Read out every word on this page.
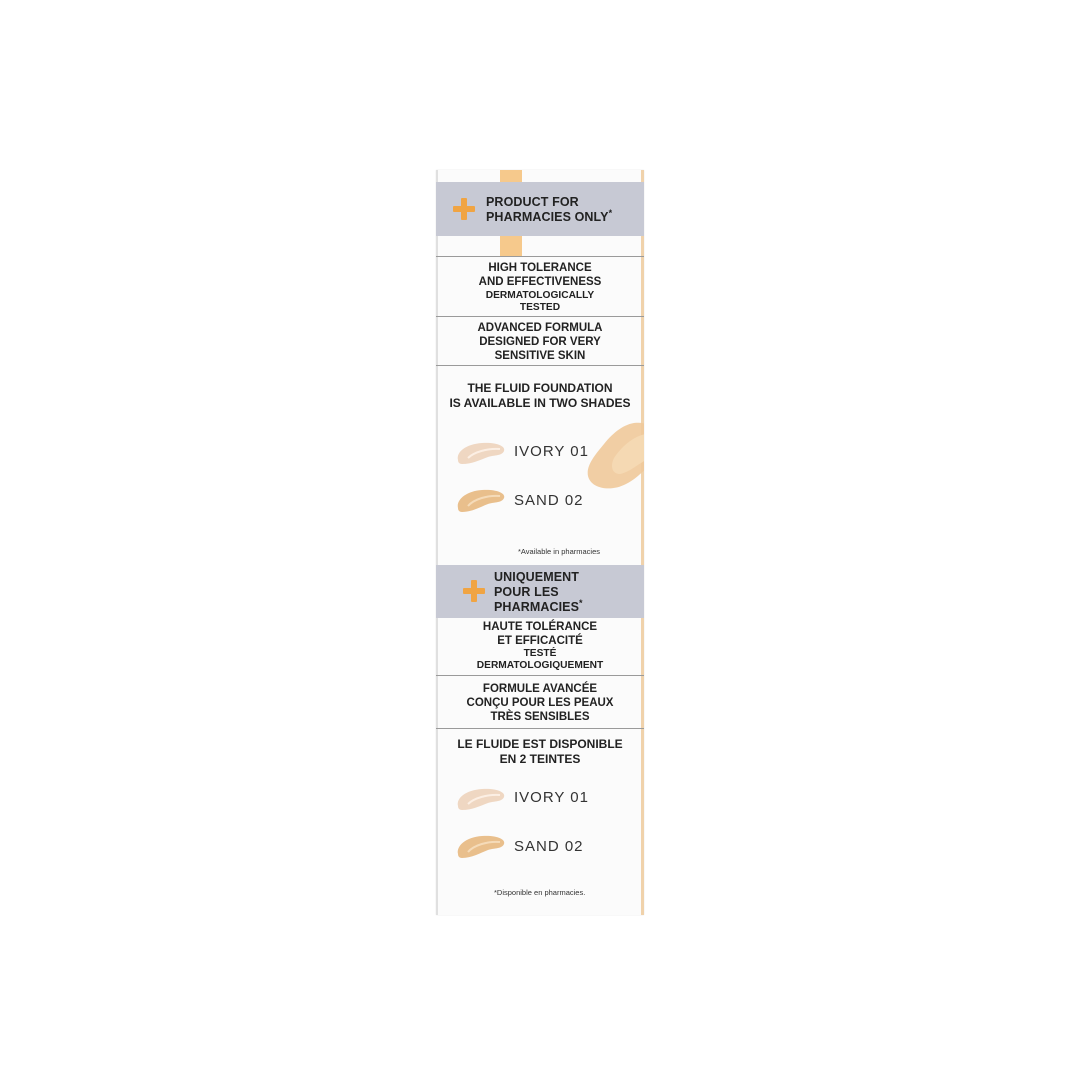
PRODUCT FOR
PHARMACIES ONLY*
HIGH TOLERANCE
AND EFFECTIVENESS
DERMATOLOGICALLY
TESTED
ADVANCED FORMULA
DESIGNED FOR VERY
SENSITIVE SKIN
THE FLUID FOUNDATION
IS AVAILABLE IN TWO SHADES
IVORY 01
SAND 02
*Available in pharmacies
UNIQUEMENT
POUR LES
PHARMACIES*
HAUTE TOLÉRANCE
ET EFFICACITÉ
TESTÉ
DERMATOLOGIQUEMENT
FORMULE AVANCÉE
CONÇU POUR LES PEAUX
TRÈS SENSIBLES
LE FLUIDE EST DISPONIBLE
EN 2 TEINTES
IVORY 01
SAND 02
*Disponible en pharmacies.
